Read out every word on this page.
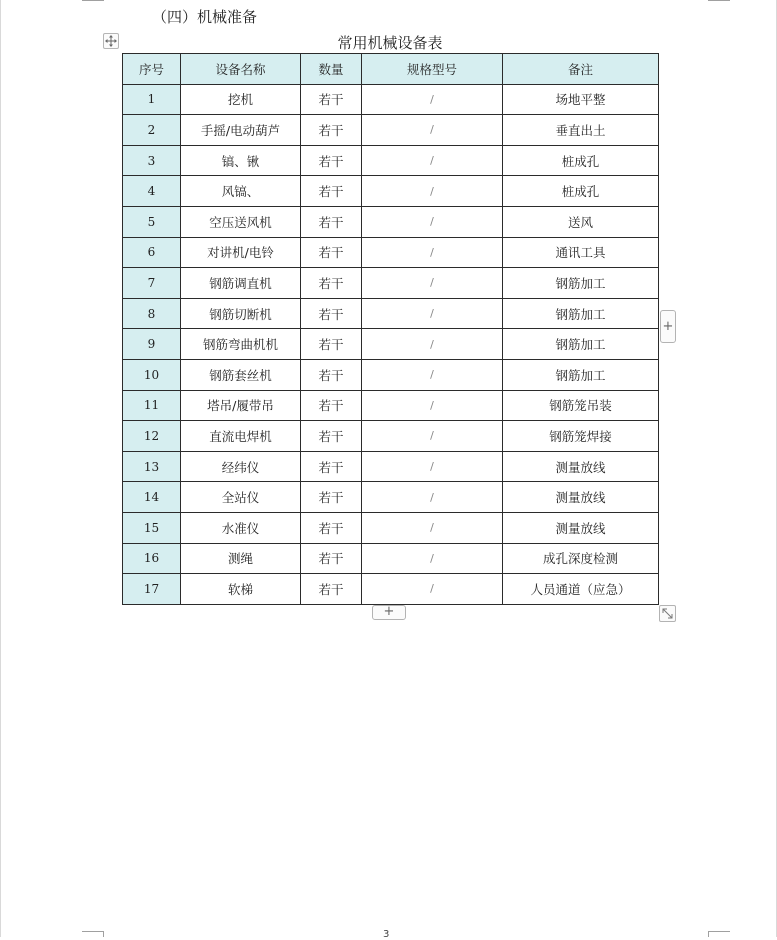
（四）机械准备
常用机械设备表
序号	设备名称	数量	规格型号	备注
1	挖机	若干	/	场地平整
2	手摇/电动葫芦	若干	/	垂直出土
3	镐、锹	若干	/	桩成孔
4	风镐、	若干	/	桩成孔
5	空压送风机	若干	/	送风
6	对讲机/电铃	若干	/	通讯工具
7	钢筋调直机	若干	/	钢筋加工
8	钢筋切断机	若干	/	钢筋加工
9	钢筋弯曲机机	若干	/	钢筋加工
10	钢筋套丝机	若干	/	钢筋加工
11	塔吊/履带吊	若干	/	钢筋笼吊装
12	直流电焊机	若干	/	钢筋笼焊接
13	经纬仪	若干	/	测量放线
14	全站仪	若干	/	测量放线
15	水准仪	若干	/	测量放线
16	测绳	若干	/	成孔深度检测
17	软梯	若干	/	人员通道（应急）
+
+
3
